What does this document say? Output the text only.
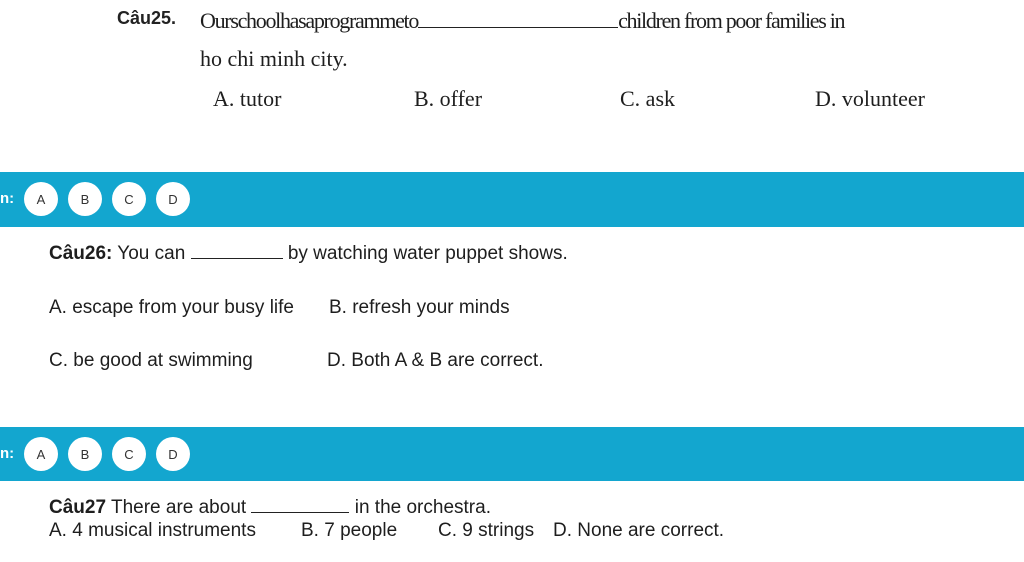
Câu25. Ourschoolhasaprogrammeto	children from poor families in
ho chi minh city.
A. tutor	B. offer	C. ask	D. volunteer
n:	A	B	C	D
Câu26: You can	by watching water puppet shows.
A. escape from your busy life B. refresh your minds
C. be good at swimming	D. Both A & B are correct.
n:	A	B	C	D
Câu27 There are about	in the orchestra.
A. 4 musical instruments B. 7 people C. 9 strings D. None are correct.
